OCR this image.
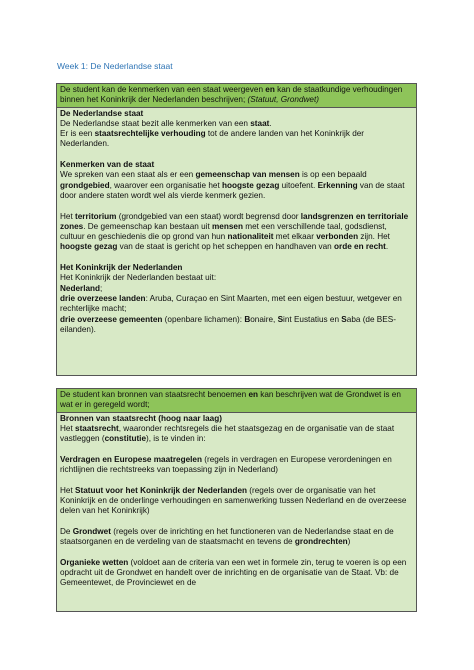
Week 1: De Nederlandse staat
De student kan de kenmerken van een staat weergeven en kan de staatkundige verhoudingen binnen het Koninkrijk der Nederlanden beschrijven; (Statuut, Grondwet)

De Nederlandse staat

De Nederlandse staat bezit alle kenmerken van een staat.
Er is een staatsrechtelijke verhouding tot de andere landen van het Koninkrijk der Nederlanden.

Kenmerken van de staat

We spreken van een staat als er een gemeenschap van mensen is op een bepaald grondgebied, waarover een organisatie het hoogste gezag uitoefent. Erkenning van de staat door andere staten wordt wel als vierde kenmerk gezien.

Het territorium (grondgebied van een staat) wordt begrensd door landsgrenzen en territoriale zones. De gemeenschap kan bestaan uit mensen met een verschillende taal, godsdienst, cultuur en geschiedenis die op grond van hun nationaliteit met elkaar verbonden zijn. Het hoogste gezag van de staat is gericht op het scheppen en handhaven van orde en recht.

Het Koninkrijk der Nederlanden

Het Koninkrijk der Nederlanden bestaat uit:
Nederland;
drie overzeese landen: Aruba, Curaçao en Sint Maarten, met een eigen bestuur, wetgever en rechterlijke macht;
drie overzeese gemeenten (openbare lichamen): Bonaire, Sint Eustatius en Saba (de BES-eilanden).

De student kan bronnen van staatsrecht benoemen en kan beschrijven wat de Grondwet is en wat er in geregeld wordt;

Bronnen van staatsrecht (hoog naar laag)

Het staatsrecht, waaronder rechtsregels die het staatsgezag en de organisatie van de staat vastleggen (constitutie), is te vinden in:

Verdragen en Europese maatregelen (regels in verdragen en Europese verordeningen en richtlijnen die rechtstreeks van toepassing zijn in Nederland)

Het Statuut voor het Koninkrijk der Nederlanden (regels over de organisatie van het Koninkrijk en de onderlinge verhoudingen en samenwerking tussen Nederland en de overzeese delen van het Koninkrijk)

De Grondwet (regels over de inrichting en het functioneren van de Nederlandse staat en de staatsorganen en de verdeling van de staatsmacht en tevens de grondrechten)

Organieke wetten (voldoet aan de criteria van een wet in formele zin, terug te voeren is op een opdracht uit de Grondwet en handelt over de inrichting en de organisatie van de Staat. Vb: de Gemeentewet, de Provinciewet en de
